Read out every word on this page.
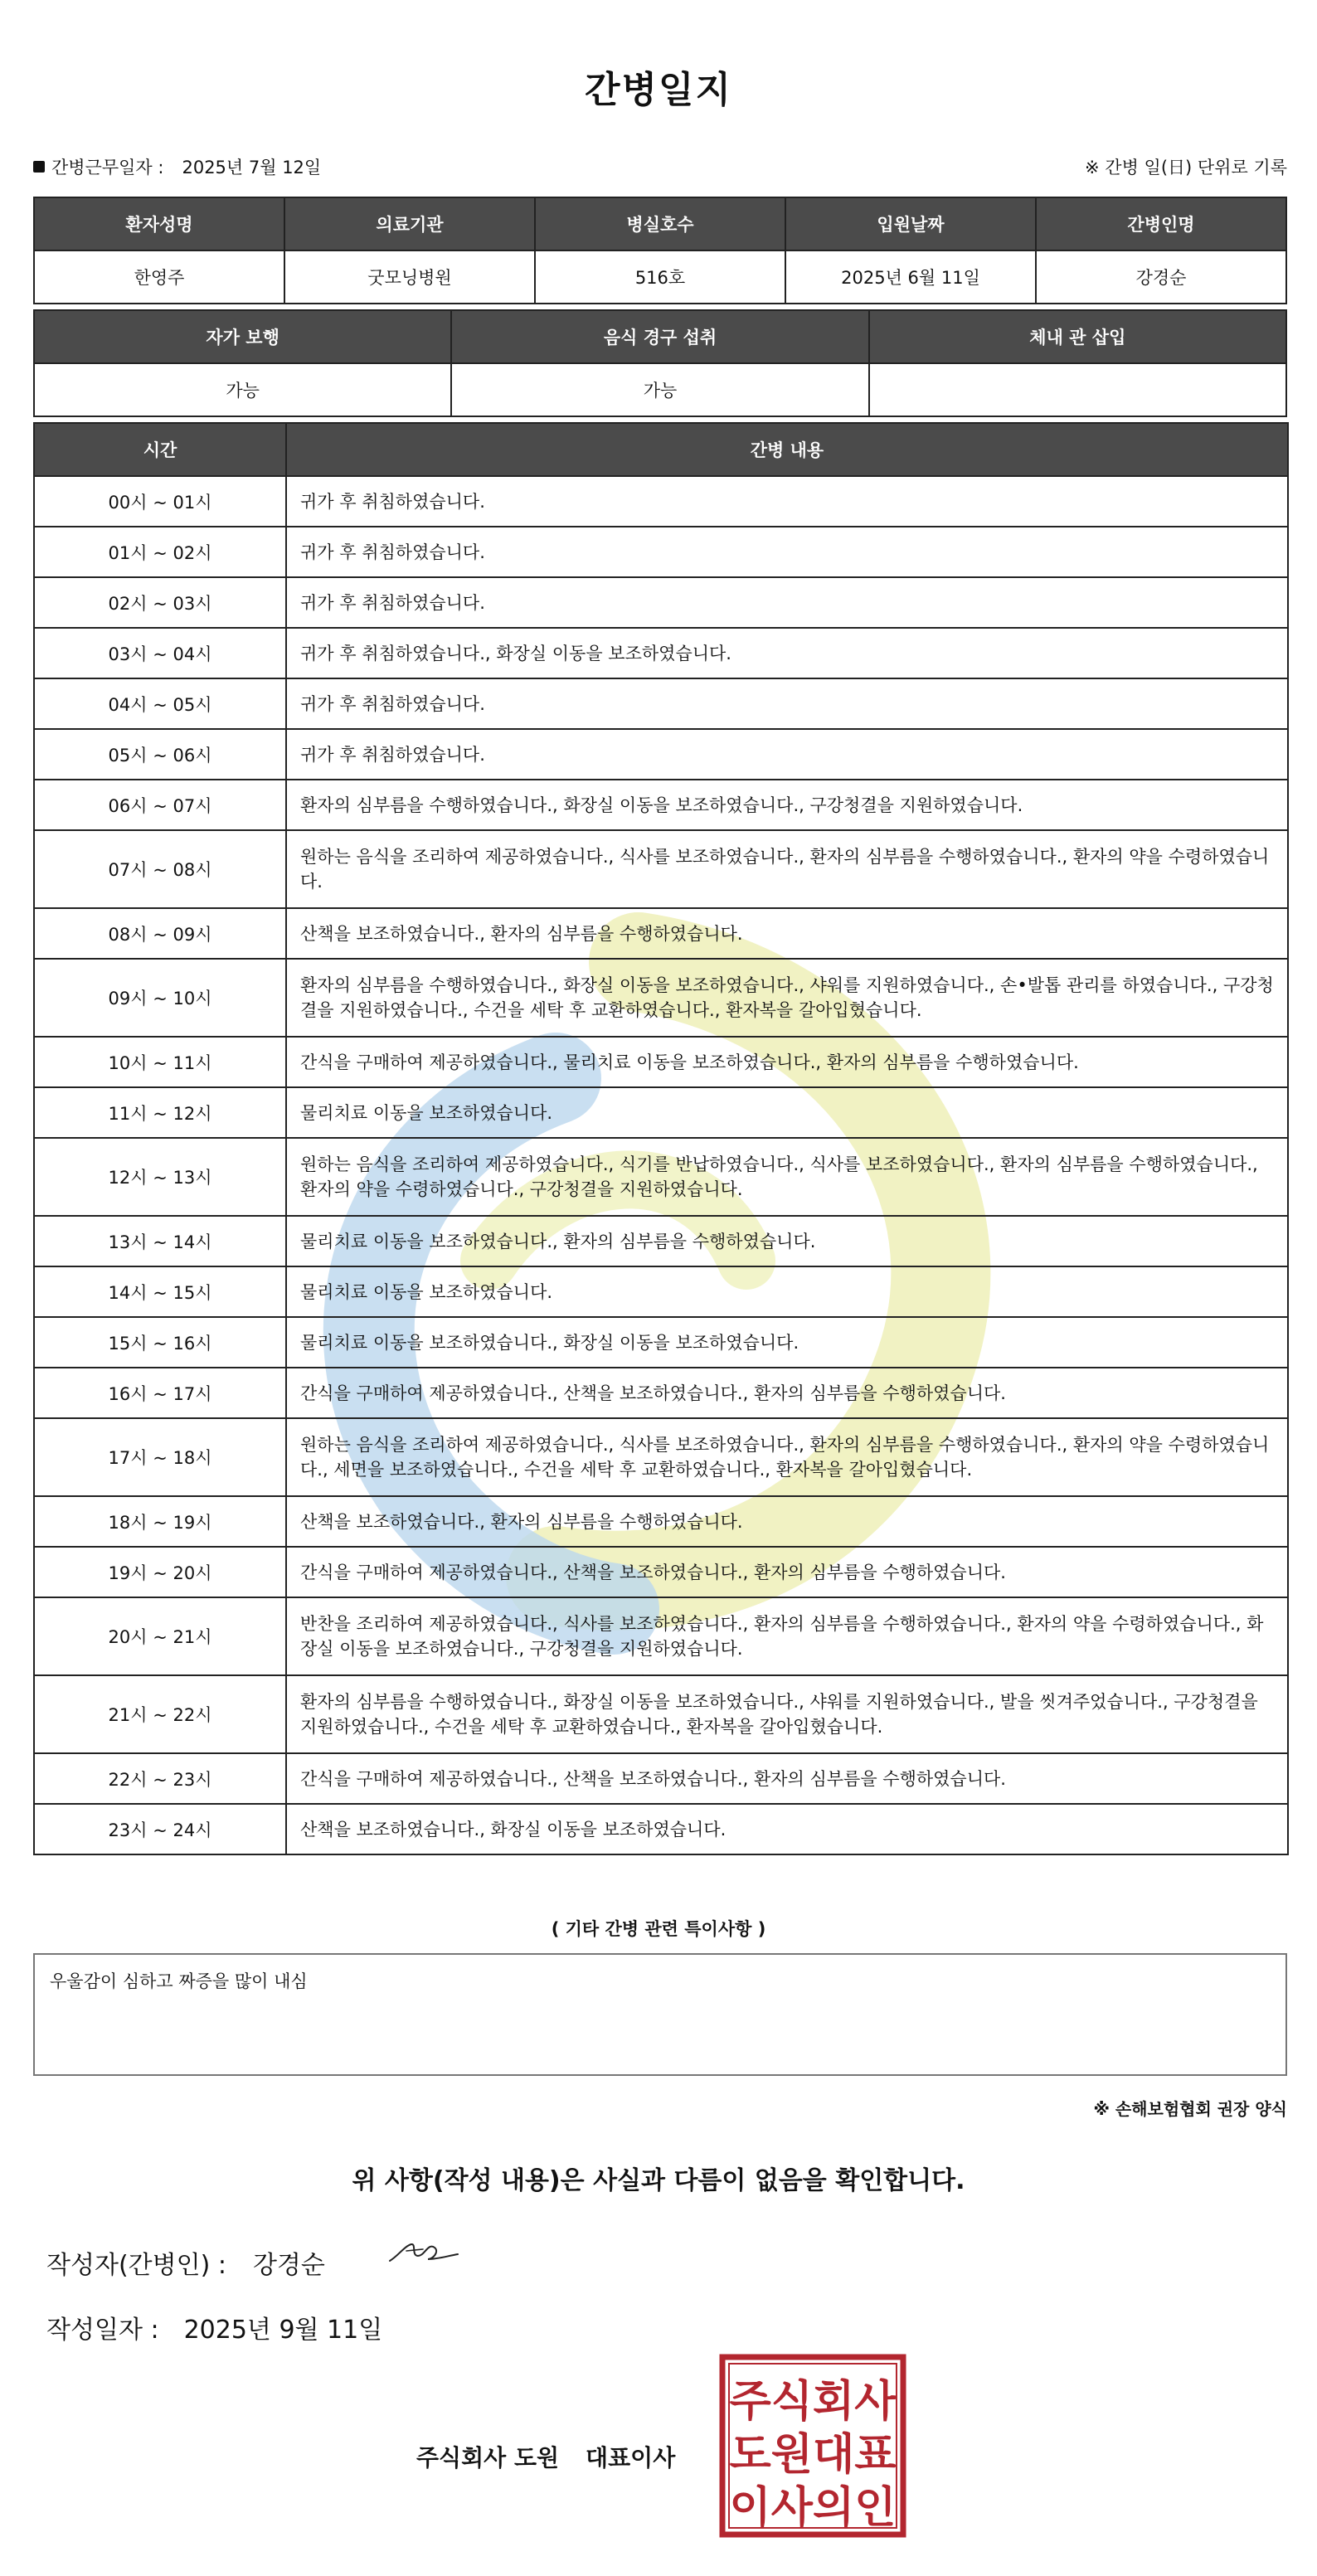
간병일지
간병근무일자 : 2025년 7월 12일	※ 간병 일(日) 단위로 기록
환자성명	의료기관	병실호수	입원날짜	간병인명
한영주	굿모닝병원	516호	2025년 6월 11일	강경순
자가 보행	음식 경구 섭취	체내 관 삽입
가능	가능	
시간	간병 내용
00시 ~ 01시	귀가 후 취침하였습니다.
01시 ~ 02시	귀가 후 취침하였습니다.
02시 ~ 03시	귀가 후 취침하였습니다.
03시 ~ 04시	귀가 후 취침하였습니다., 화장실 이동을 보조하였습니다.
04시 ~ 05시	귀가 후 취침하였습니다.
05시 ~ 06시	귀가 후 취침하였습니다.
06시 ~ 07시	환자의 심부름을 수행하였습니다., 화장실 이동을 보조하였습니다., 구강청결을 지원하였습니다.
07시 ~ 08시	원하는 음식을 조리하여 제공하였습니다., 식사를 보조하였습니다., 환자의 심부름을 수행하였습니다., 환자의 약을 수령하였습니다.
08시 ~ 09시	산책을 보조하였습니다., 환자의 심부름을 수행하였습니다.
09시 ~ 10시	환자의 심부름을 수행하였습니다., 화장실 이동을 보조하였습니다., 샤워를 지원하였습니다., 손•발톱 관리를 하였습니다., 구강청결을 지원하였습니다., 수건을 세탁 후 교환하였습니다., 환자복을 갈아입혔습니다.
10시 ~ 11시	간식을 구매하여 제공하였습니다., 물리치료 이동을 보조하였습니다., 환자의 심부름을 수행하였습니다.
11시 ~ 12시	물리치료 이동을 보조하였습니다.
12시 ~ 13시	원하는 음식을 조리하여 제공하였습니다., 식기를 반납하였습니다., 식사를 보조하였습니다., 환자의 심부름을 수행하였습니다., 환자의 약을 수령하였습니다., 구강청결을 지원하였습니다.
13시 ~ 14시	물리치료 이동을 보조하였습니다., 환자의 심부름을 수행하였습니다.
14시 ~ 15시	물리치료 이동을 보조하였습니다.
15시 ~ 16시	물리치료 이동을 보조하였습니다., 화장실 이동을 보조하였습니다.
16시 ~ 17시	간식을 구매하여 제공하였습니다., 산책을 보조하였습니다., 환자의 심부름을 수행하였습니다.
17시 ~ 18시	원하는 음식을 조리하여 제공하였습니다., 식사를 보조하였습니다., 환자의 심부름을 수행하였습니다., 환자의 약을 수령하였습니다., 세면을 보조하였습니다., 수건을 세탁 후 교환하였습니다., 환자복을 갈아입혔습니다.
18시 ~ 19시	산책을 보조하였습니다., 환자의 심부름을 수행하였습니다.
19시 ~ 20시	간식을 구매하여 제공하였습니다., 산책을 보조하였습니다., 환자의 심부름을 수행하였습니다.
20시 ~ 21시	반찬을 조리하여 제공하였습니다., 식사를 보조하였습니다., 환자의 심부름을 수행하였습니다., 환자의 약을 수령하였습니다., 화장실 이동을 보조하였습니다., 구강청결을 지원하였습니다.
21시 ~ 22시	환자의 심부름을 수행하였습니다., 화장실 이동을 보조하였습니다., 샤워를 지원하였습니다., 발을 씻겨주었습니다., 구강청결을 지원하였습니다., 수건을 세탁 후 교환하였습니다., 환자복을 갈아입혔습니다.
22시 ~ 23시	간식을 구매하여 제공하였습니다., 산책을 보조하였습니다., 환자의 심부름을 수행하였습니다.
23시 ~ 24시	산책을 보조하였습니다., 화장실 이동을 보조하였습니다.
( 기타 간병 관련 특이사항 )
우울감이 심하고 짜증을 많이 내심
※ 손해보험협회 권장 양식
위 사항(작성 내용)은 사실과 다름이 없음을 확인합니다.
작성자(간병인) : 강경순
작성일자 : 2025년 9월 11일
주식회사 도원 대표이사
주식회사
도원대표
이사의인
